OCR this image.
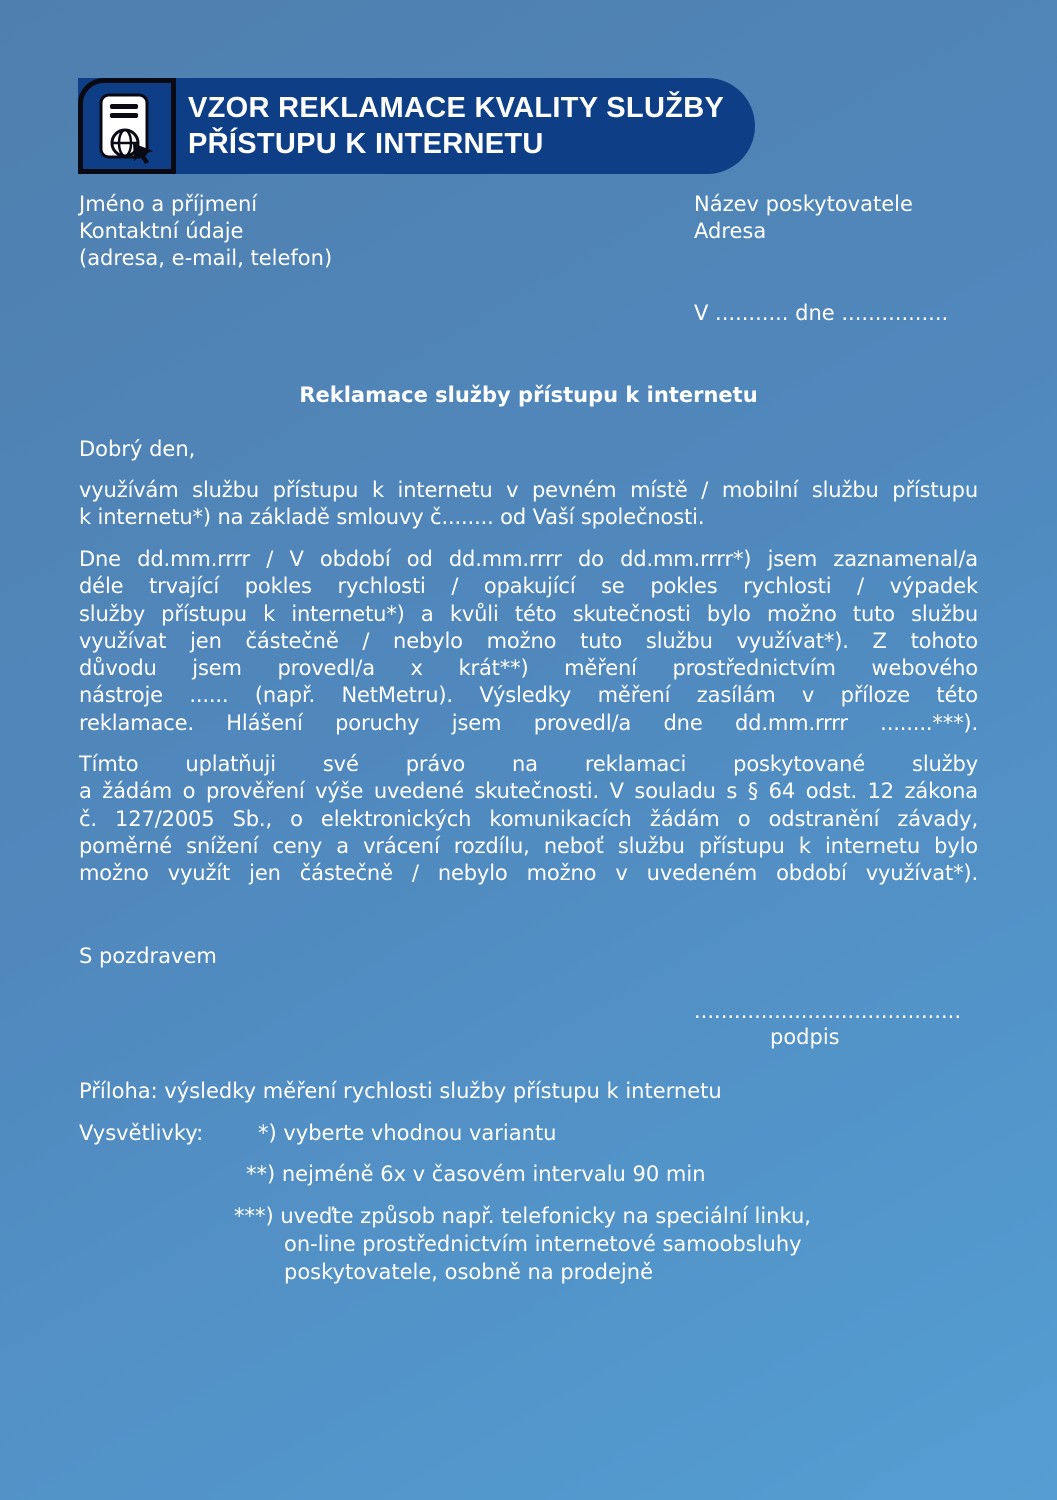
VZOR REKLAMACE KVALITY SLUŽBY
PŘÍSTUPU K INTERNETU
Jméno a příjmení
Kontaktní údaje
(adresa, e-mail, telefon)
Název poskytovatele
Adresa
V ........... dne ................
Reklamace služby přístupu k internetu
Dobrý den,
využívám službu přístupu k internetu v pevném místě / mobilní službu přístupu
k internetu*) na základě smlouvy č........ od Vaší společnosti.
Dne dd.mm.rrrr / V období od dd.mm.rrrr do dd.mm.rrrr*) jsem zaznamenal/a
déle trvající pokles rychlosti / opakující se pokles rychlosti / výpadek
služby přístupu k internetu*) a kvůli této skutečnosti bylo možno tuto službu
využívat jen částečně / nebylo možno tuto službu využívat*). Z tohoto
důvodu jsem provedl/a x krát**) měření prostřednictvím webového
nástroje ...... (např. NetMetru). Výsledky měření zasílám v příloze této
reklamace. Hlášení poruchy jsem provedl/a dne dd.mm.rrrr ........***).
Tímto uplatňuji své právo na reklamaci poskytované služby
a žádám o prověření výše uvedené skutečnosti. V souladu s § 64 odst. 12 zákona
č. 127/2005 Sb., o elektronických komunikacích žádám o odstranění závady,
poměrné snížení ceny a vrácení rozdílu, neboť službu přístupu k internetu bylo
možno využít jen částečně / nebylo možno v uvedeném období využívat*).
S pozdravem
........................................
podpis
Příloha: výsledky měření rychlosti služby přístupu k internetu
Vysvětlivky:	*) vyberte vhodnou variantu
**) nejméně 6x v časovém intervalu 90 min
***) uveďte způsob např. telefonicky na speciální linku,
on-line prostřednictvím internetové samoobsluhy
poskytovatele, osobně na prodejně
